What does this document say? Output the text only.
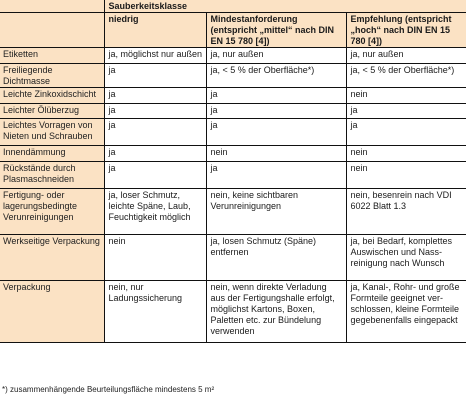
	Sauberkeitsklasse		
	niedrig	Mindestanforderung (entspricht „mittel“ nach DIN EN 15 780 [4])	Empfehlung (entspricht „hoch“ nach DIN EN 15 780 [4])
Etiketten	ja, möglichst nur außen	ja, nur außen	ja, nur außen
Freiliegende Dichtmasse	ja	ja, < 5 % der Oberfläche*)	ja, < 5 % der Oberfläche*)
Leichte Zinkoxidschicht	ja	ja	nein
Leichter Ölüberzug	ja	ja	ja
Leichtes Vorragen von Nieten und Schrauben	ja	ja	ja
Innendämmung	ja	nein	nein
Rückstände durch Plasmaschneiden	ja	ja	nein
Fertigung- oder lagerungsbedingte Verunreinigungen	ja, loser Schmutz, leichte Späne, Laub, Feuchtigkeit möglich	nein, keine sichtbaren Verunreinigungen	nein, besenrein nach VDI 6022 Blatt 1.3
Werkseitige Verpackung	nein	ja, losen Schmutz (Späne) entfernen	ja, bei Bedarf, komplettes Auswischen und Nassreinigung nach Wunsch
Verpackung	nein, nur Ladungssicherung	nein, wenn direkte Verladung aus der Fertigungshalle erfolgt, möglichst Kartons, Boxen, Paletten etc. zur Bündelung verwenden	ja, Kanal-, Rohr- und große Formteile geeignet verschlossen, kleine Formteile gegebenenfalls eingepackt
*) zusammenhängende Beurteilungsfläche mindestens 5 m²
